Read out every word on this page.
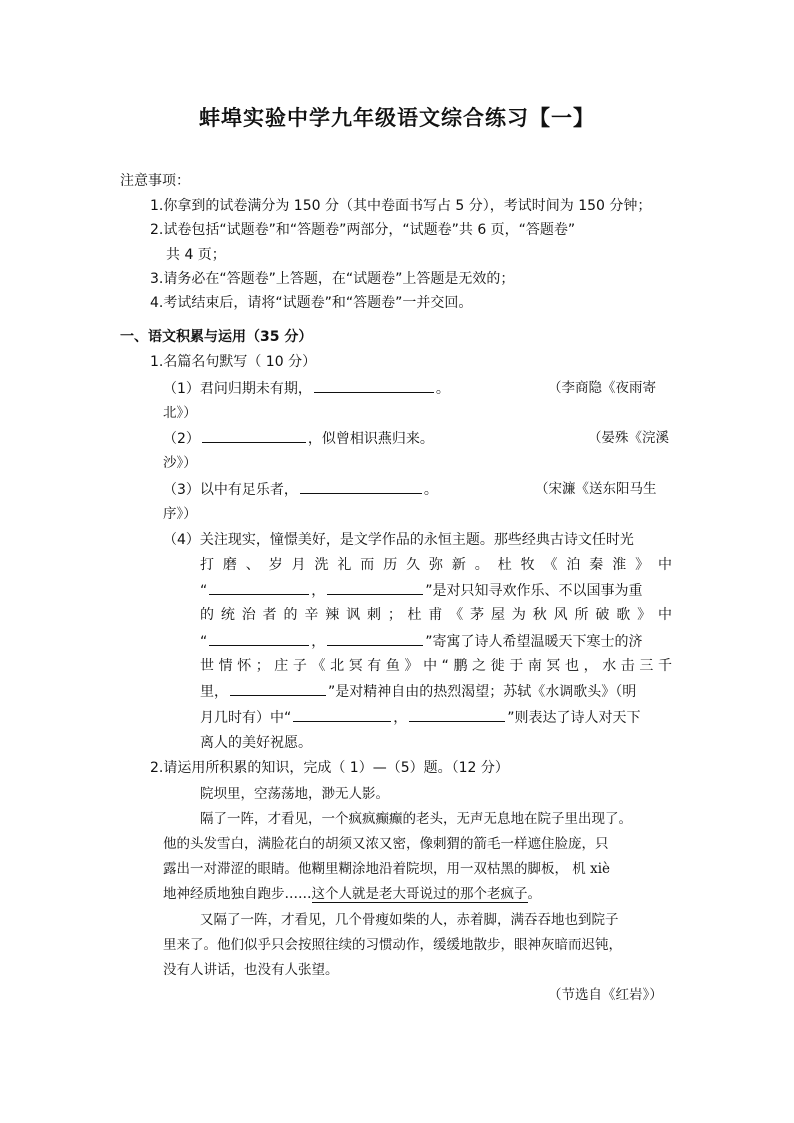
蚌埠实验中学九年级语文综合练习【一】
注意事项：
1.你拿到的试卷满分为 150 分（其中卷面书写占 5 分），考试时间为 150 分钟；
2.试卷包括“试题卷”和“答题卷”两部分，“试题卷”共 6 页，“答题卷”
共 4 页；
3.请务必在“答题卷”上答题，在“试题卷”上答题是无效的；
4.考试结束后，请将“试题卷”和“答题卷”一并交回。
一、语文积累与运用（35 分）
1.名篇名句默写（ 10 分）
（1）君问归期未有期，	。	（李商隐《夜雨寄
北》）
（2）	，似曾相识燕归来。	（晏殊《浣溪
沙》）
（3）以中有足乐者，	。	（宋濂《送东阳马生
序》）
（4）关注现实，憧憬美好，是文学作品的永恒主题。那些经典古诗文任时光
打 磨 、 岁 月 洗 礼 而 历 久 弥 新 。 杜 牧 《 泊 秦 淮 》 中
“	，	”是对只知寻欢作乐、不以国事为重
的 统 治 者 的 辛 辣 讽 刺 ； 杜 甫 《 茅 屋 为 秋 风 所 破 歌 》 中
“	，	”寄寓了诗人希望温暖天下寒士的济
世 情 怀 ； 庄 子 《 北 冥 有 鱼 》 中 “ 鹏 之 徙 于 南 冥 也 ， 水 击 三 千
里，	”是对精神自由的热烈渴望；苏轼《水调歌头》（明
月几时有）中“	，	”则表达了诗人对天下
离人的美好祝愿。
2.请运用所积累的知识，完成（ 1）—（5）题。（12 分）
院坝里，空荡荡地，渺无人影。
隔了一阵，才看见，一个疯疯癫癫的老头，无声无息地在院子里出现了。
他的头发雪白，满脸花白的胡须又浓又密，像刺猬的箭毛一样遮住脸庞，只
露出一对滞涩的眼睛。他糊里糊涂地沿着院坝，用一双枯黑的脚板， 机 xiè
地神经质地独自跑步……这个人就是老大哥说过的那个老疯子。
又隔了一阵，才看见，几个骨瘦如柴的人，赤着脚，满吞吞地也到院子
里来了。他们似乎只会按照往续的习惯动作，缓缓地散步，眼神灰暗而迟钝，
没有人讲话，也没有人张望。
（节选自《红岩》）
